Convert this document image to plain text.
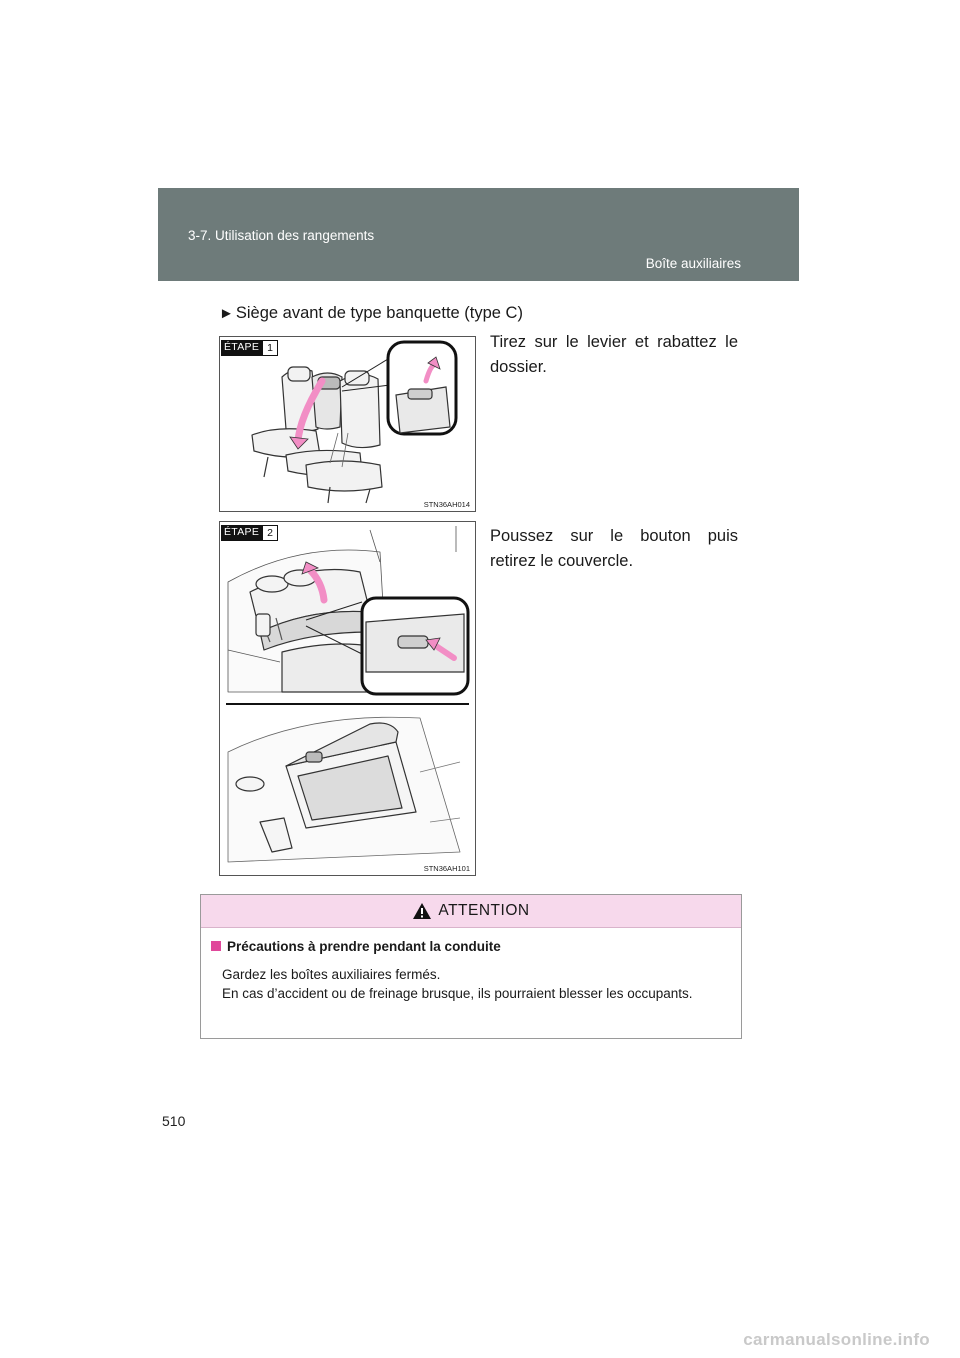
3-7. Utilisation des rangements
Boîte auxiliaires
► Siège avant de type banquette (type C)
ÉTAPE 1
STN36AH014
Tirez sur le levier et rabattez le dossier.
ÉTAPE 2
STN36AH101
Poussez sur le bouton puis retirez le couvercle.
ATTENTION
Précautions à prendre pendant la conduite

Gardez les boîtes auxiliaires fermés.

En cas d’accident ou de freinage brusque, ils pourraient blesser les occupants.

510
carmanualsonline.info
